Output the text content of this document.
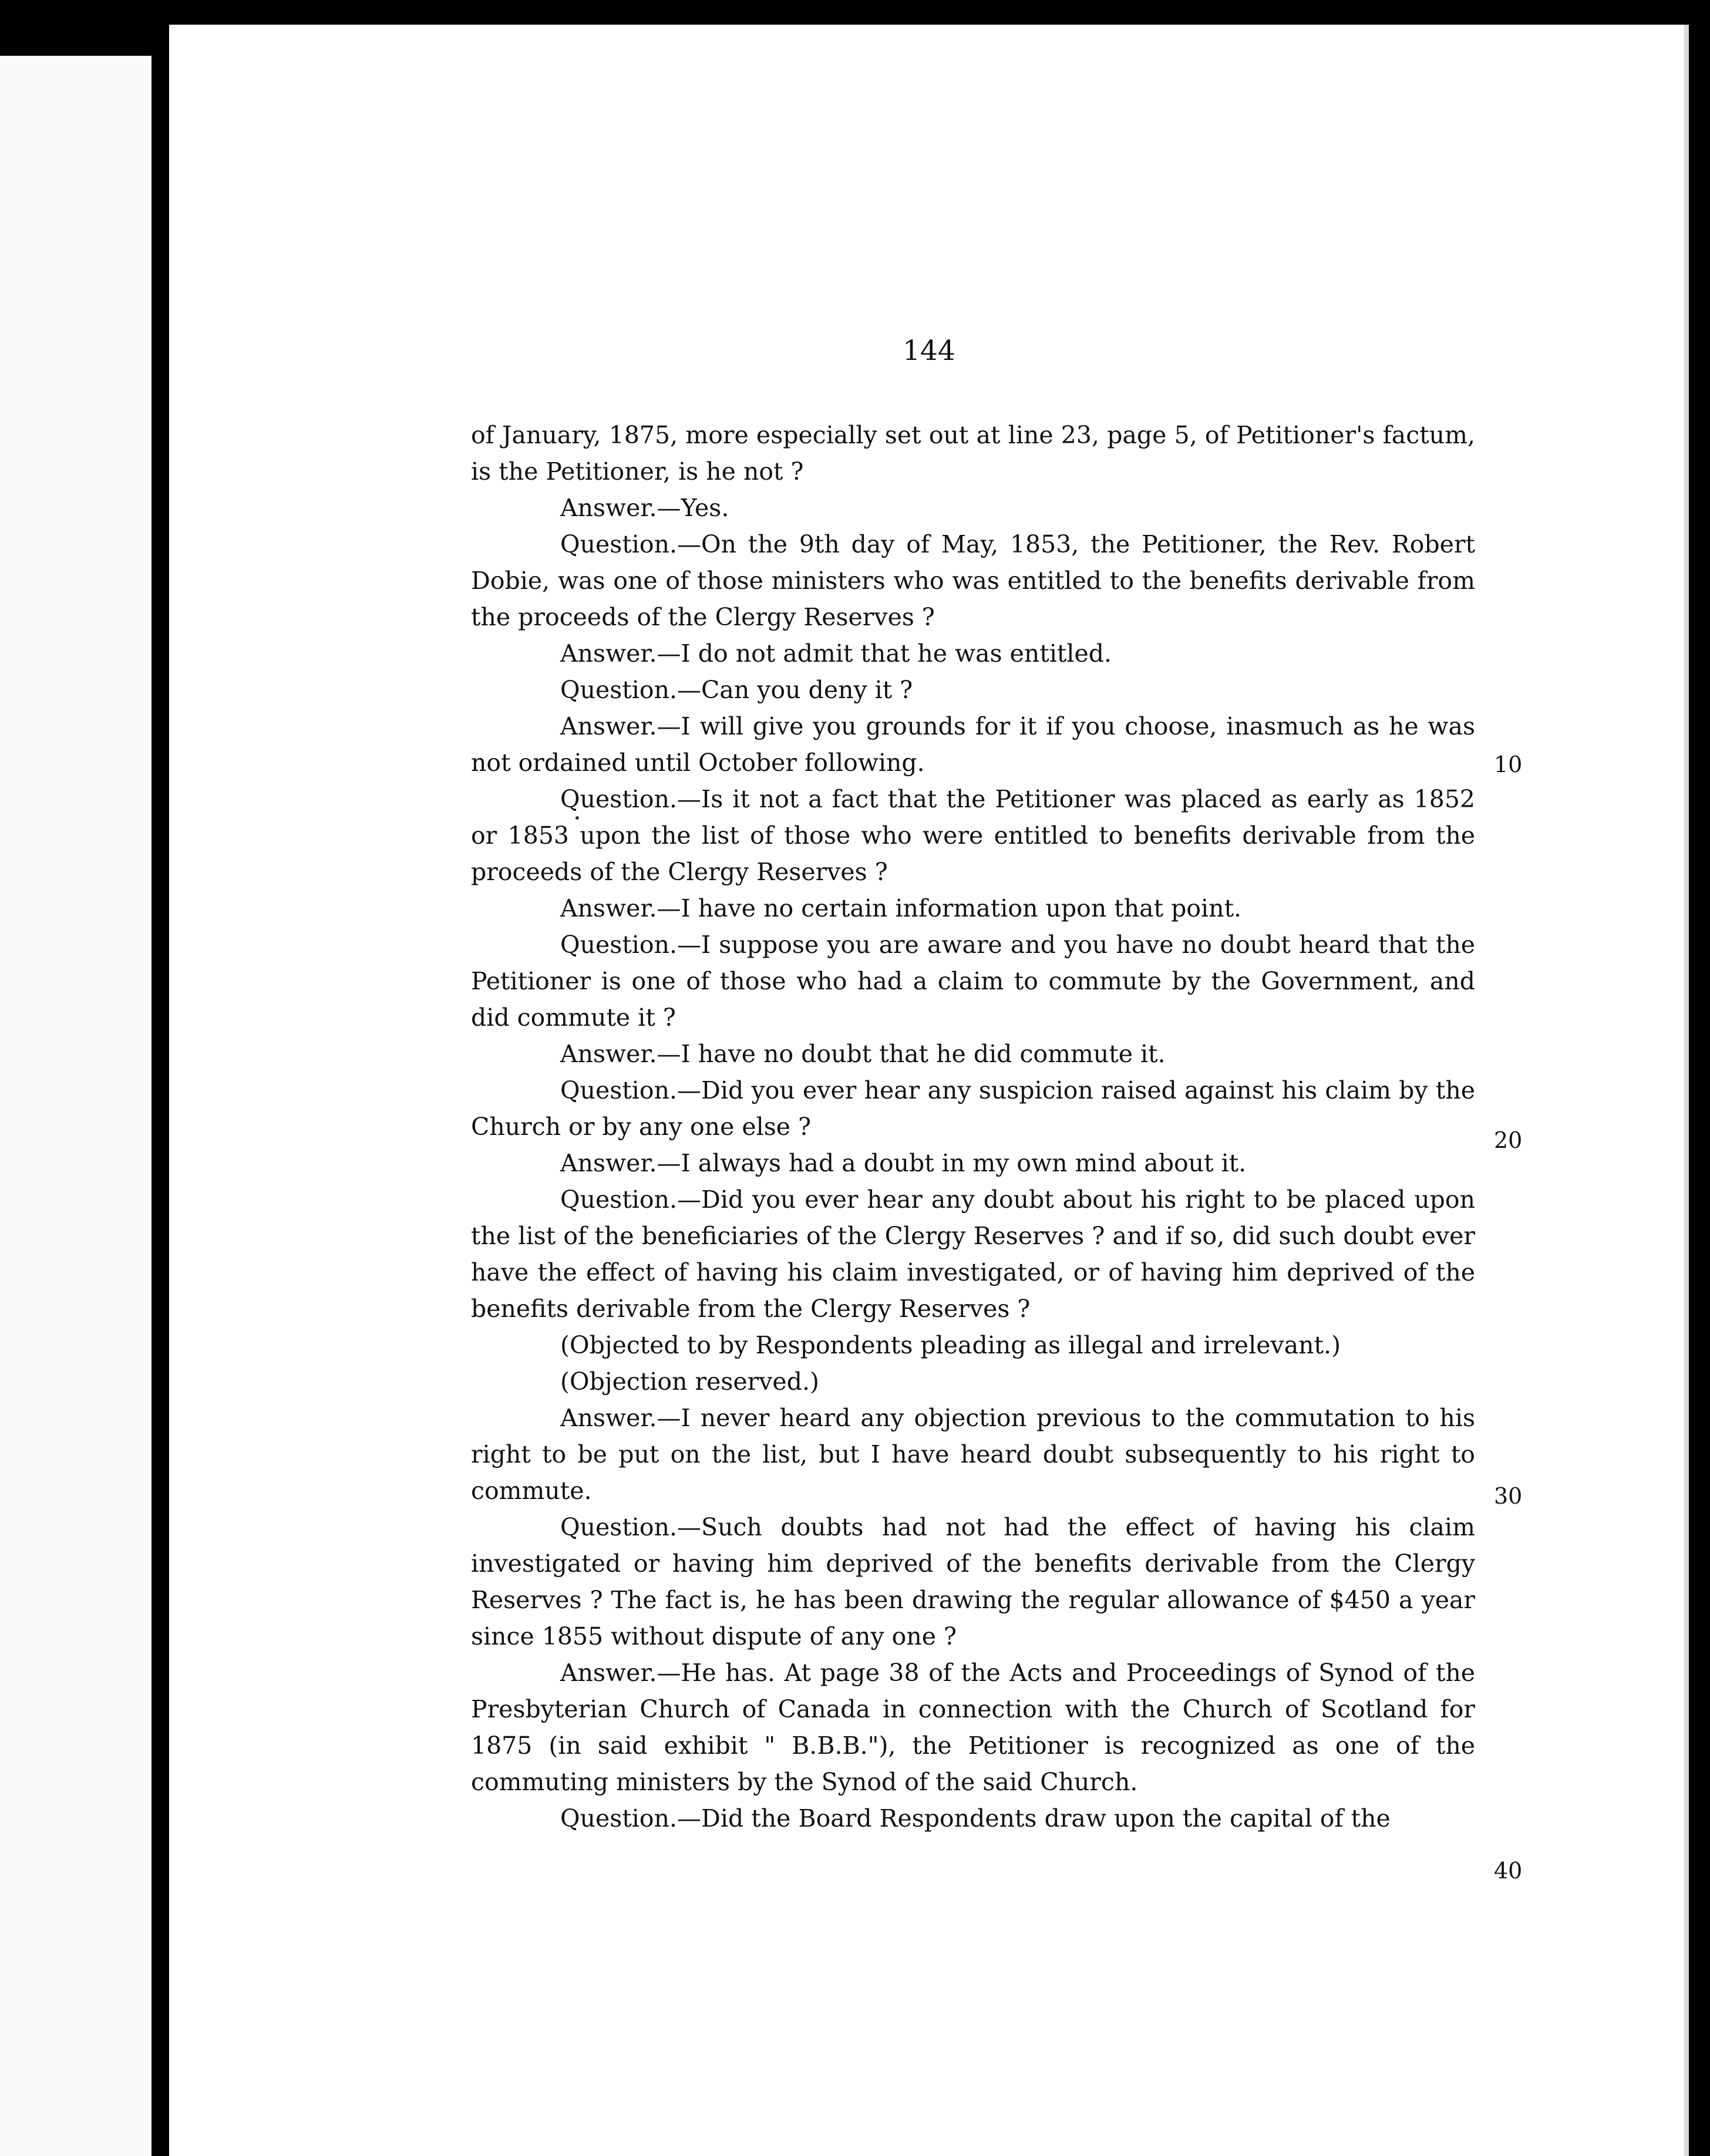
144

of January, 1875, more especially set out at line 23, page 5, of Petitioner's factum, is the Petitioner, is he not ?

Answer.—Yes.

Question.—On the 9th day of May, 1853, the Petitioner, the Rev. Robert Dobie, was one of those ministers who was entitled to the benefits derivable from the proceeds of the Clergy Reserves ?

Answer.—I do not admit that he was entitled.

Question.—Can you deny it ?

Answer.—I will give you grounds for it if you choose, inasmuch as he was not ordained until October following.

Question.—Is it not a fact that the Petitioner was placed as early as 1852 or 1853 upon the list of those who were entitled to benefits derivable from the proceeds of the Clergy Reserves ?

Answer.—I have no certain information upon that point.

Question.—I suppose you are aware and you have no doubt heard that the Petitioner is one of those who had a claim to commute by the Government, and did commute it ?

Answer.—I have no doubt that he did commute it.

Question.—Did you ever hear any suspicion raised against his claim by the Church or by any one else ?

Answer.—I always had a doubt in my own mind about it.

Question.—Did you ever hear any doubt about his right to be placed upon the list of the beneficiaries of the Clergy Reserves ? and if so, did such doubt ever have the effect of having his claim investigated, or of having him deprived of the benefits derivable from the Clergy Reserves ?

(Objected to by Respondents pleading as illegal and irrelevant.)

(Objection reserved.)

Answer.—I never heard any objection previous to the commutation to his right to be put on the list, but I have heard doubt subsequently to his right to commute.

Question.—Such doubts had not had the effect of having his claim investigated or having him deprived of the benefits derivable from the Clergy Reserves ? The fact is, he has been drawing the regular allowance of $450 a year since 1855 without dispute of any one ?

Answer.—He has. At page 38 of the Acts and Proceedings of Synod of the Presbyterian Church of Canada in connection with the Church of Scotland for 1875 (in said exhibit " B.B.B."), the Petitioner is recognized as one of the commuting ministers by the Synod of the said Church.

Question.—Did the Board Respondents draw upon the capital of the

10
20
30
40
